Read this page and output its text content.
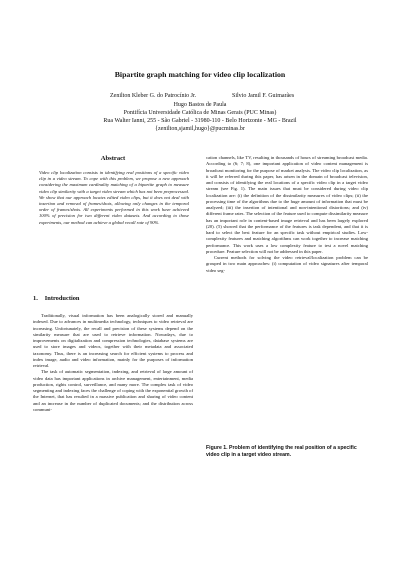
Bipartite graph matching for video clip localization
Zenilton Kleber G. do Patrocínio Jr.	Silvio Jamil F. Guimarães
Hugo Bastos de Paula
Pontifícia Universidade Católica de Minas Gerais (PUC Minas)
Rua Walter Ianni, 255 - São Gabriel - 31980-110 - Belo Horizonte - MG - Brazil
{zenilton,sjamil,hugo}@pucminas.br
Abstract

Video clip localization consists in identifying real positions of a specific video clip in a video stream. To cope with this problem, we propose a new approach considering the maximum cardinality matching of a bipartite graph to measure video clip similarity with a target video stream which has not been preprocessed. We show that our approach locates edited video clips, but it does not deal with insertion and removal of frames/shots, allowing only changes in the temporal order of frames/shots. All experiments performed in this work have achieved 100% of precision for two different video datasets. And according to those experiments, our method can achieve a global recall rate of 90%.

1. Introduction

Traditionally, visual information has been analogically stored and manually indexed. Due to advances in multimedia technology, techniques to video retrieval are increasing. Unfortunately, the recall and precision of these systems depend on the similarity measure that are used to retrieve information. Nowadays, due to improvements on digitalization and compression technologies, database systems are used to store images and videos, together with their metadata and associated taxonomy. Thus, there is an increasing search for efficient systems to process and index image, audio and video information, mainly for the purposes of information retrieval.

The task of automatic segmentation, indexing, and retrieval of large amount of video data has important applications in archive management, entertainment, media production, rights control, surveillance, and many more. The complex task of video segmenting and indexing faces the challenge of coping with the exponential growth of the Internet, that has resulted in a massive publication and sharing of video content and an increase in the number of duplicated documents; and the distribution across communi-

cation channels, like TV, resulting in thousands of hours of streaming broadcast media. According to (6; 7; 8), one important application of video content management is broadcast monitoring for the purpose of market analysis. The video clip localization, as it will be referred during this paper, has arisen in the domain of broadcast television, and consists of identifying the real locations of a specific video clip in a target video stream (see Fig. 1). The main issues that must be considered during video clip localization are: (i) the definition of the dissimilarity measures of video clips; (ii) the processing time of the algorithms due to the huge amount of information that must be analyzed; (iii) the insertion of intentional and non-intentional distortions; and (iv) different frame rates. The selection of the feature used to compute dissimilarity measure has an important role in content-based image retrieval and has been largely explored (20). (5) showed that the performance of the features is task dependent, and that it is hard to select the best feature for an specific task without empirical studies. Low-complexity features and matching algorithms can work together to increase matching performance. This work uses a low complexity feature to test a novel matching procedure. Feature selection will not be addressed in this paper.

Current methods for solving the video retrieval/localization problem can be grouped in two main approaches: (i) computation of video signatures after temporal video seg-

Figure 1. Problem of identifying the real position of a specific video clip in a target video stream.
